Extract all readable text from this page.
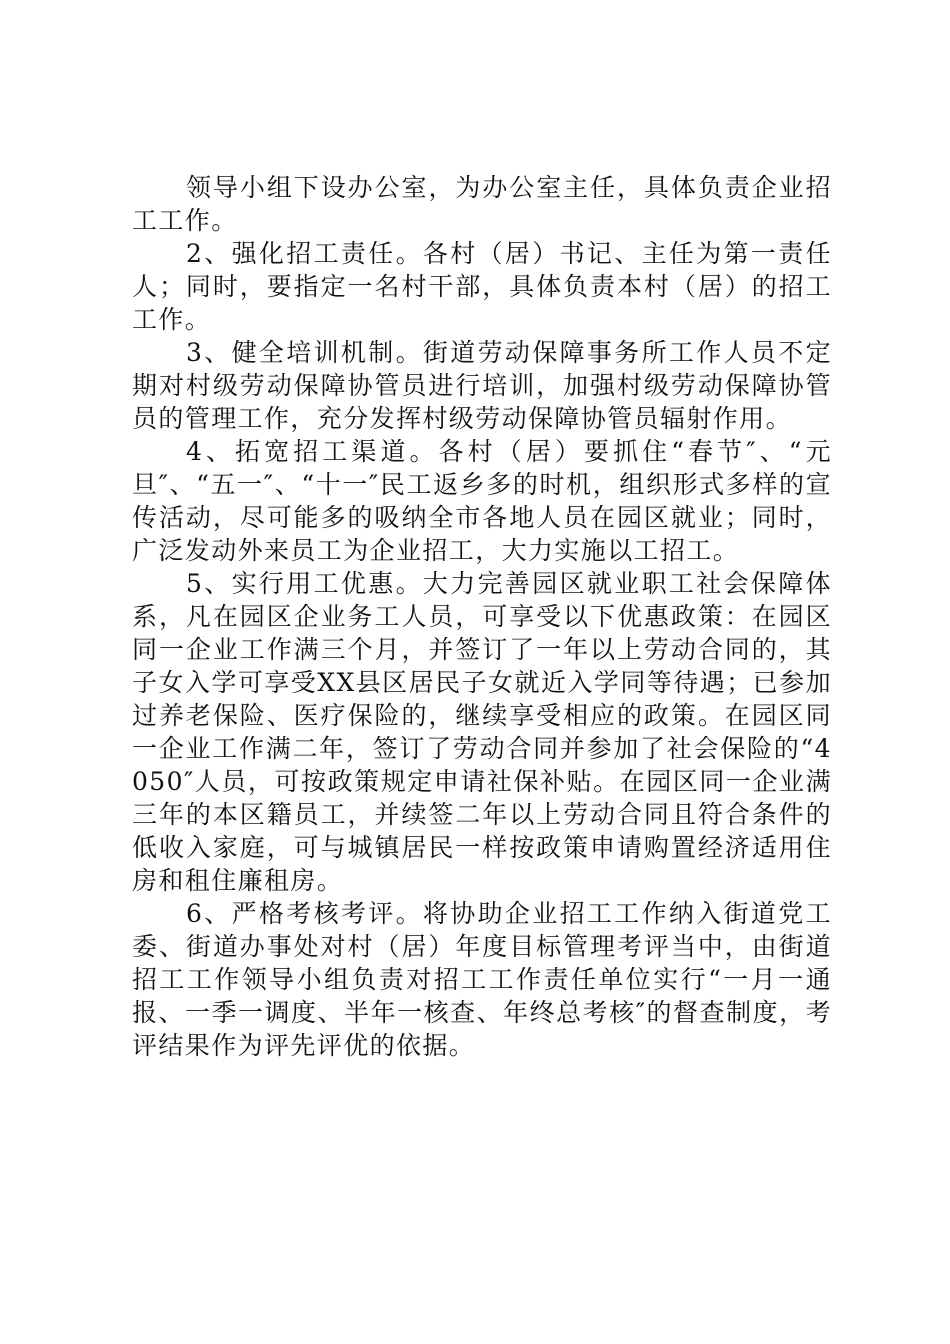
领导小组下设办公室，为办公室主任，具体负责企业招工工作。

2、强化招工责任。各村（居）书记、主任为第一责任人；同时，要指定一名村干部，具体负责本村（居）的招工工作。

3、健全培训机制。街道劳动保障事务所工作人员不定期对村级劳动保障协管员进行培训，加强村级劳动保障协管员的管理工作，充分发挥村级劳动保障协管员辐射作用。

4、拓宽招工渠道。各村（居）要抓住“春节″、“元旦″、“五一″、“十一″民工返乡多的时机，组织形式多样的宣传活动，尽可能多的吸纳全市各地人员在园区就业；同时，广泛发动外来员工为企业招工，大力实施以工招工。

5、实行用工优惠。大力完善园区就业职工社会保障体系，凡在园区企业务工人员，可享受以下优惠政策：在园区同一企业工作满三个月，并签订了一年以上劳动合同的，其子女入学可享受XX县区居民子女就近入学同等待遇；已参加过养老保险、医疗保险的，继续享受相应的政策。在园区同一企业工作满二年，签订了劳动合同并参加了社会保险的“4050″人员，可按政策规定申请社保补贴。在园区同一企业满三年的本区籍员工，并续签二年以上劳动合同且符合条件的低收入家庭，可与城镇居民一样按政策申请购置经济适用住房和租住廉租房。

6、严格考核考评。将协助企业招工工作纳入街道党工委、街道办事处对村（居）年度目标管理考评当中，由街道招工工作领导小组负责对招工工作责任单位实行“一月一通报、一季一调度、半年一核查、年终总考核″的督查制度，考评结果作为评先评优的依据。
